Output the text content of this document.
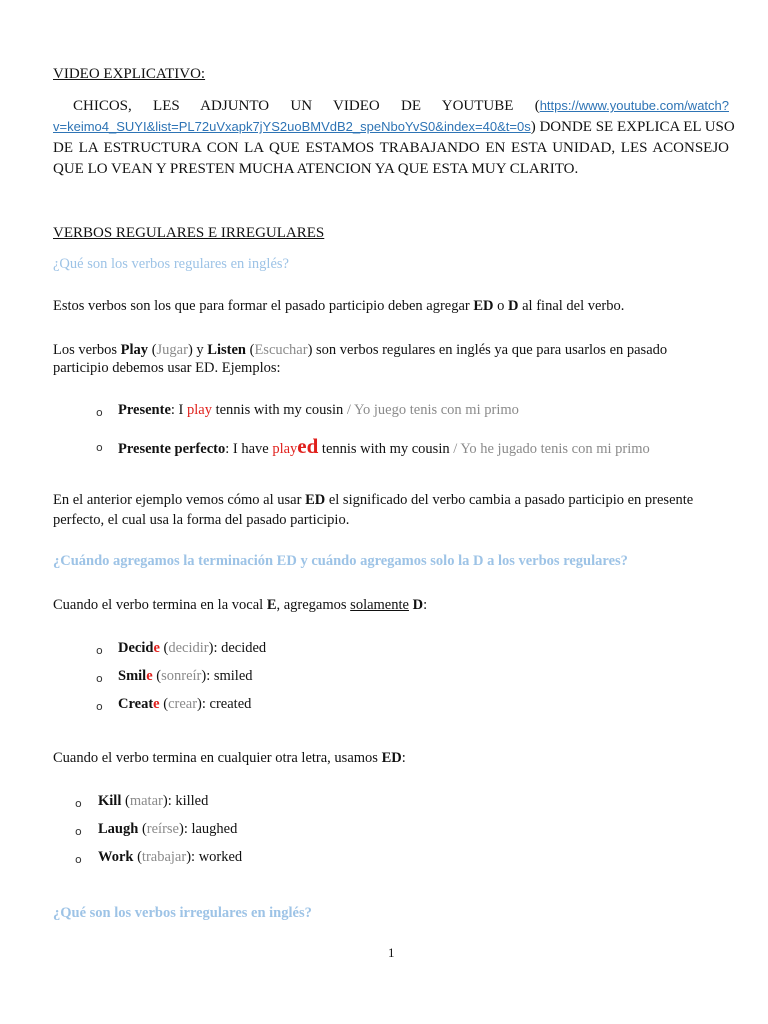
VIDEO EXPLICATIVO:
CHICOS, LES ADJUNTO UN VIDEO DE YOUTUBE (https://www.youtube.com/watch?
v=keimo4_SUYI&list=PL72uVxapk7jYS2uoBMVdB2_speNboYvS0&index=40&t=0s) DONDE SE EXPLICA EL USO
DE LA ESTRUCTURA CON LA QUE ESTAMOS TRABAJANDO EN ESTA UNIDAD, LES ACONSEJO
QUE LO VEAN Y PRESTEN MUCHA ATENCION YA QUE ESTA MUY CLARITO.
VERBOS REGULARES E IRREGULARES
¿Qué son los verbos regulares en inglés?
Estos verbos son los que para formar el pasado participio deben agregar ED o D al final del verbo.
Los verbos Play (Jugar) y Listen (Escuchar) son verbos regulares en inglés ya que para usarlos en pasado
participio debemos usar ED. Ejemplos:
o Presente: I play tennis with my cousin / Yo juego tenis con mi primo
o Presente perfecto: I have played tennis with my cousin / Yo he jugado tenis con mi primo
En el anterior ejemplo vemos cómo al usar ED el significado del verbo cambia a pasado participio en presente
perfecto, el cual usa la forma del pasado participio.
¿Cuándo agregamos la terminación ED y cuándo agregamos solo la D a los verbos regulares?
Cuando el verbo termina en la vocal E, agregamos solamente D:
o Decide (decidir): decided
o Smile (sonreír): smiled
o Create (crear): created
Cuando el verbo termina en cualquier otra letra, usamos ED:
o Kill (matar): killed
o Laugh (reírse): laughed
o Work (trabajar): worked
¿Qué son los verbos irregulares en inglés?
1
